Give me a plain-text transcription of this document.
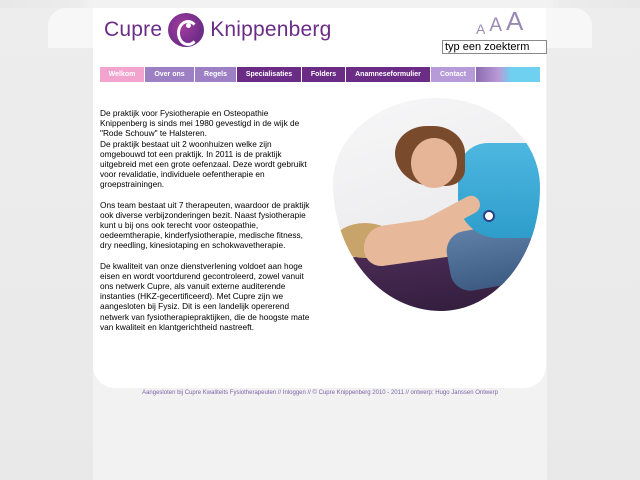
Cupre Knippenberg	A A A
typ een zoekterm
Welkom	Over ons	Regels	Specialisaties	Folders	Anamneseformulier	Contact

De praktijk voor Fysiotherapie en Osteopathie Knippenberg is sinds mei 1980 gevestigd in de wijk de "Rode Schouw" te Halsteren.
De praktijk bestaat uit 2 woonhuizen welke zijn omgebouwd tot een praktijk. In 2011 is de praktijk uitgebreid met een grote oefenzaal. Deze wordt gebruikt voor revalidatie, individuele oefentherapie en groepstrainingen.

Ons team bestaat uit 7 therapeuten, waardoor de praktijk ook diverse verbijzonderingen bezit. Naast fysiotherapie kunt u bij ons ook terecht voor osteopathie, oedeemtherapie, kinderfysiotherapie, medische fitness, dry needling, kinesiotaping en schokwavetherapie.

De kwaliteit van onze dienstverlening voldoet aan hoge eisen en wordt voortdurend gecontroleerd, zowel vanuit ons netwerk Cupre, als vanuit externe auditerende instanties (HKZ-gecertificeerd). Met Cupre zijn we aangesloten bij Fysiz. Dit is een landelijk opererend netwerk van fysiotherapiepraktijken, die de hoogste mate van kwaliteit en klantgerichtheid nastreeft.

Aangesloten bij Cupre Kwaliteits Fysiotherapeuten // Inloggen // © Cupre Knippenberg 2010 - 2011 // ontwerp: Hugo Janssen Ontwerp
